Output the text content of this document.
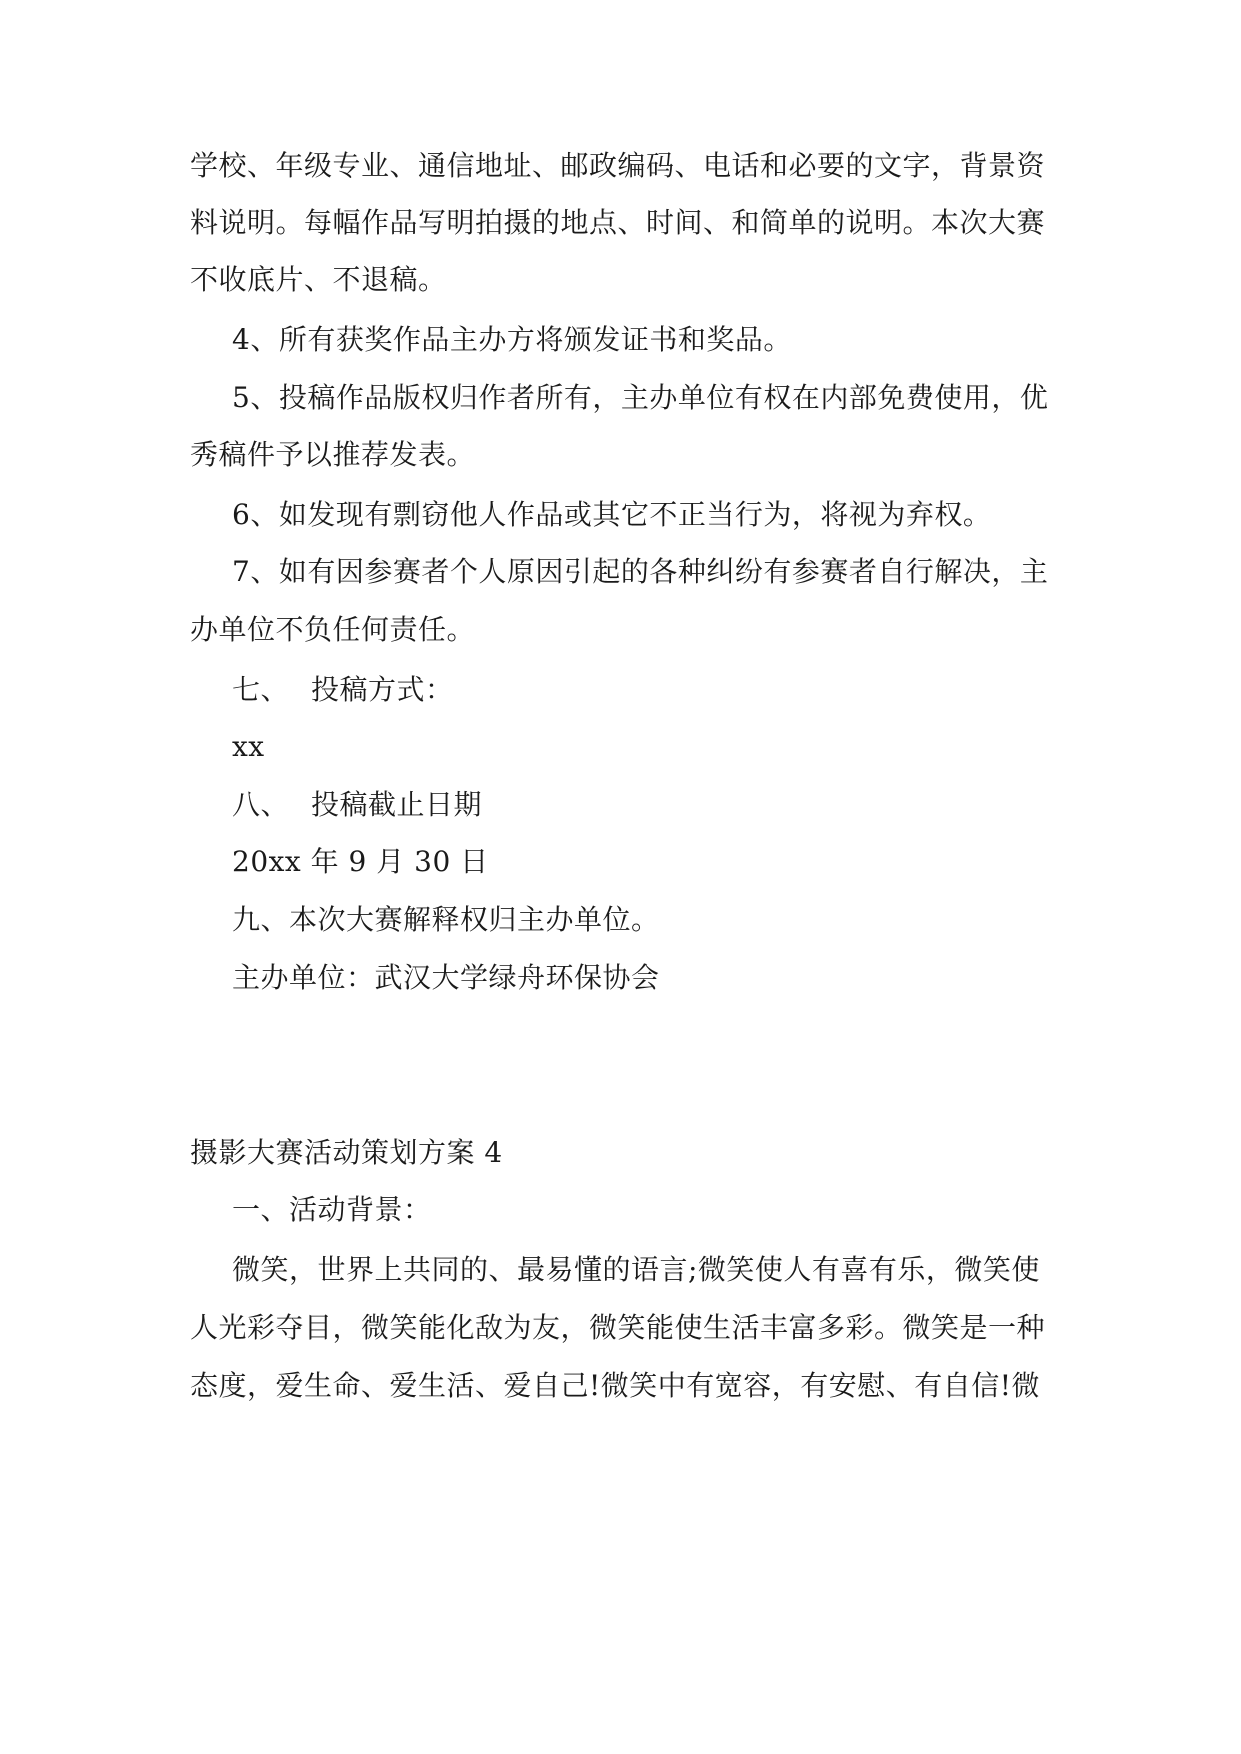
学校、年级专业、通信地址、邮政编码、电话和必要的文字，背景资
料说明。每幅作品写明拍摄的地点、时间、和简单的说明。本次大赛
不收底片、不退稿。
4、所有获奖作品主办方将颁发证书和奖品。
5、投稿作品版权归作者所有，主办单位有权在内部免费使用，优
秀稿件予以推荐发表。
6、如发现有剽窃他人作品或其它不正当行为，将视为弃权。
7、如有因参赛者个人原因引起的各种纠纷有参赛者自行解决，主
办单位不负任何责任。
七、 投稿方式：
xx
八、 投稿截止日期
20xx 年 9 月 30 日
九、本次大赛解释权归主办单位。
主办单位：武汉大学绿舟环保协会
摄影大赛活动策划方案 4
一、活动背景：
微笑，世界上共同的、最易懂的语言;微笑使人有喜有乐，微笑使
人光彩夺目，微笑能化敌为友，微笑能使生活丰富多彩。微笑是一种
态度，爱生命、爱生活、爱自己!微笑中有宽容，有安慰、有自信!微
